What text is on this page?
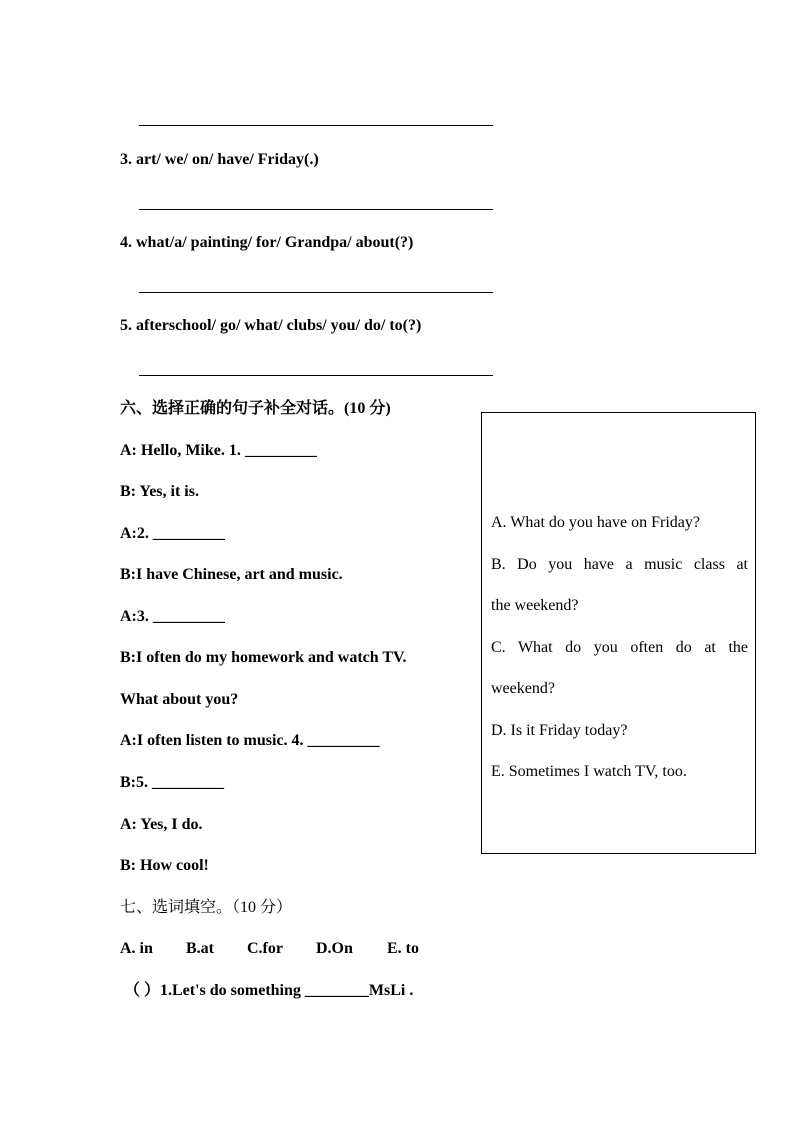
3. art/ we/ on/ have/ Friday(.)
4. what/a/ painting/ for/ Grandpa/ about(?)
5. afterschool/ go/ what/ clubs/ you/ do/ to(?)
六、选择正确的句子补全对话。(10 分)
A: Hello, Mike. 1. _________
B: Yes, it is.
A:2. _________
B:I have Chinese, art and music.
A:3. _________
B:I often do my homework and watch TV.
What about you?
A:I often listen to music. 4. _________
B:5. _________
A: Yes, I do.
B: How cool!
A. What do you have on Friday?
B. Do you have a music class at
the weekend?
C. What do you often do at the
weekend?
D. Is it Friday today?
E. Sometimes I watch TV, too.
七、选词填空。（10 分）
A. in B.at C.for D.On E. to
（ ）1.Let's do something ________MsLi .
